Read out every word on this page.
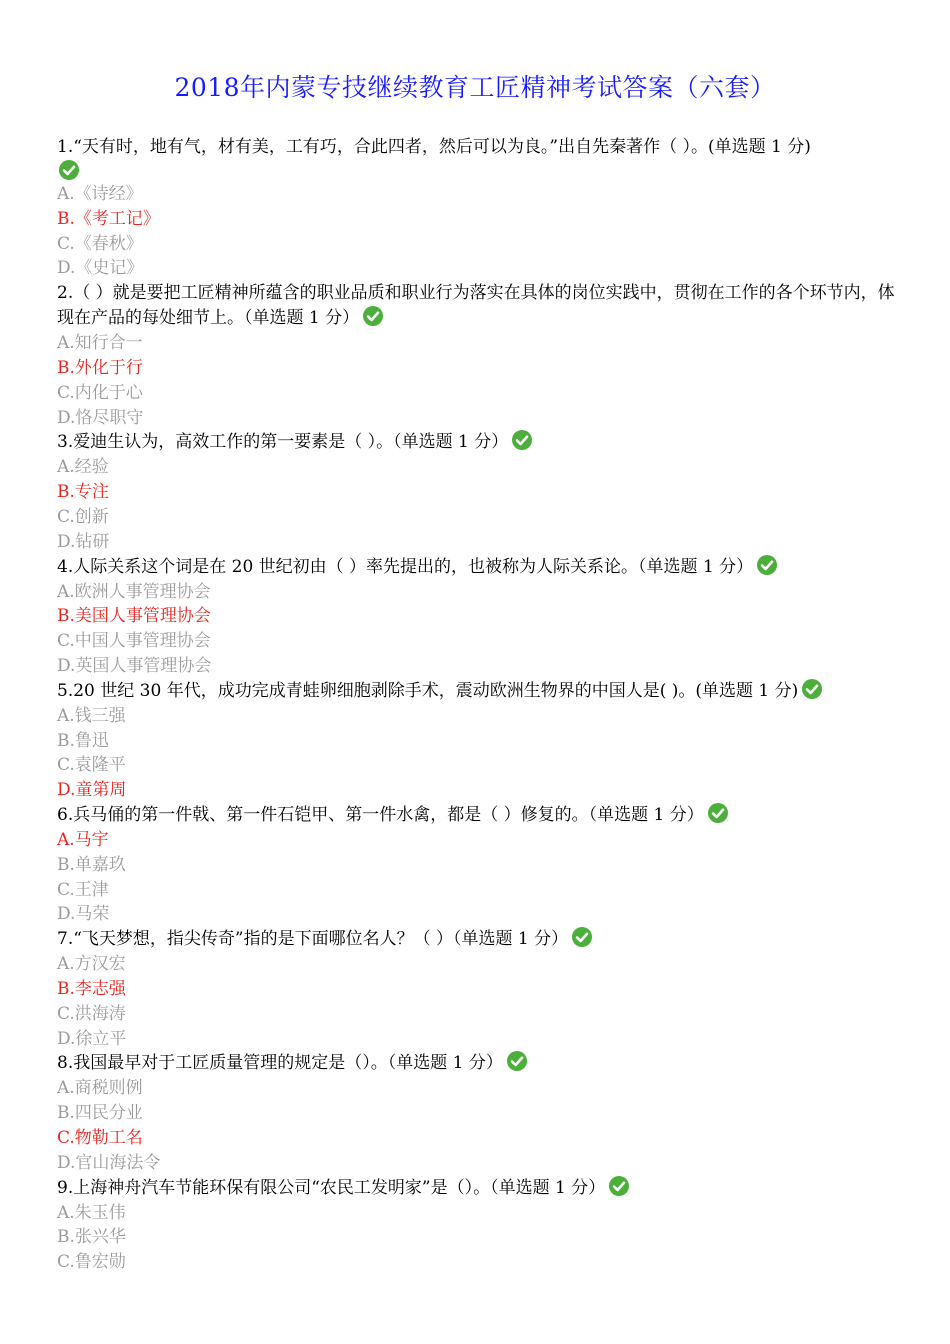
2018年内蒙专技继续教育工匠精神考试答案（六套）
1.“天有时，地有气，材有美，工有巧，合此四者，然后可以为良。”出自先秦著作（ ）。(单选题 1 分)
A.《诗经》
B.《考工记》
C.《春秋》
D.《史记》
2.（ ）就是要把工匠精神所蕴含的职业品质和职业行为落实在具体的岗位实践中，贯彻在工作的各个环节内，体现在产品的每处细节上。（单选题 1 分）
A.知行合一
B.外化于行
C.内化于心
D.恪尽职守
3.爱迪生认为，高效工作的第一要素是（ ）。（单选题 1 分）
A.经验
B.专注
C.创新
D.钻研
4.人际关系这个词是在 20 世纪初由（ ）率先提出的，也被称为人际关系论。（单选题 1 分）
A.欧洲人事管理协会
B.美国人事管理协会
C.中国人事管理协会
D.英国人事管理协会
5.20 世纪 30 年代，成功完成青蛙卵细胞剥除手术，震动欧洲生物界的中国人是( )。(单选题 1 分)
A.钱三强
B.鲁迅
C.袁隆平
D.童第周
6.兵马俑的第一件戟、第一件石铠甲、第一件水禽，都是（ ）修复的。（单选题 1 分）
A.马宇
B.单嘉玖
C.王津
D.马荣
7.“飞天梦想，指尖传奇”指的是下面哪位名人？（ ）（单选题 1 分）
A.方汉宏
B.李志强
C.洪海涛
D.徐立平
8.我国最早对于工匠质量管理的规定是（）。（单选题 1 分）
A.商税则例
B.四民分业
C.物勒工名
D.官山海法令
9.上海神舟汽车节能环保有限公司“农民工发明家”是（）。（单选题 1 分）
A.朱玉伟
B.张兴华
C.鲁宏勋
